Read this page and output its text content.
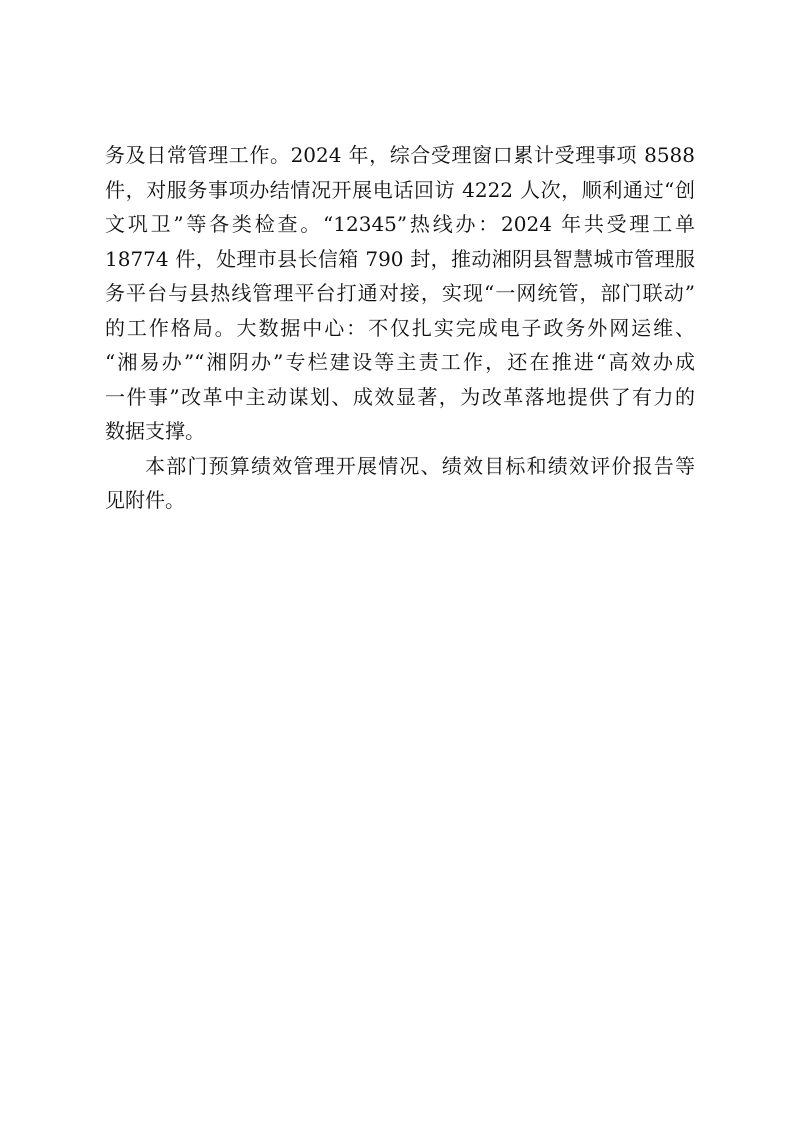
务及日常管理工作。2024 年，综合受理窗口累计受理事项 8588
件，对服务事项办结情况开展电话回访 4222 人次，顺利通过“创
文巩卫”等各类检查。“12345”热线办：2024 年共受理工单
18774 件，处理市县长信箱 790 封，推动湘阴县智慧城市管理服
务平台与县热线管理平台打通对接，实现“一网统管，部门联动”
的工作格局。大数据中心：不仅扎实完成电子政务外网运维、
“湘易办”“湘阴办”专栏建设等主责工作，还在推进“高效办成
一件事”改革中主动谋划、成效显著，为改革落地提供了有力的
数据支撑。
本部门预算绩效管理开展情况、绩效目标和绩效评价报告等
见附件。
